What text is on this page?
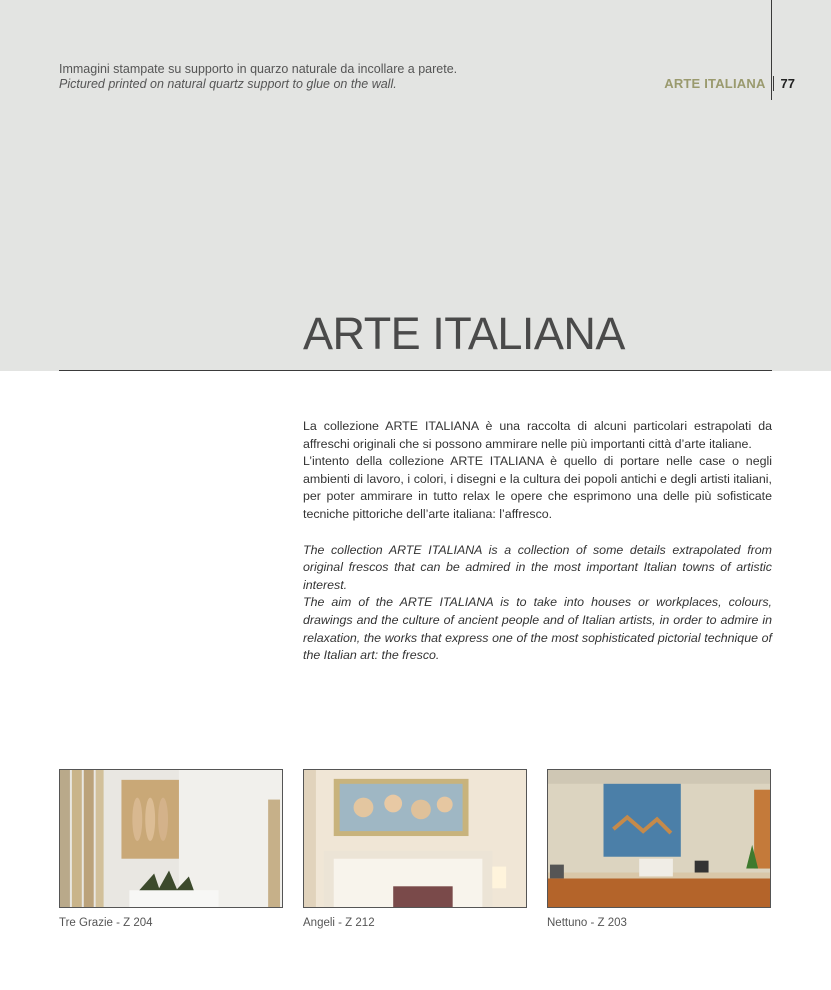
Immagini stampate su supporto in quarzo naturale da incollare a parete.
Pictured printed on natural quartz support to glue on the wall.	ARTE ITALIANA 77
ARTE ITALIANA

La collezione ARTE ITALIANA è una raccolta di alcuni particolari estrapolati da affreschi originali che si possono ammirare nelle più importanti città d’arte italiane.

L’intento della collezione ARTE ITALIANA è quello di portare nelle case o negli ambienti di lavoro, i colori, i disegni e la cultura dei popoli antichi e degli artisti italiani, per poter ammirare in tutto relax le opere che esprimono una delle più sofisticate tecniche pittoriche dell’arte italiana: l’affresco.

The collection ARTE ITALIANA is a collection of some details extrapolated from original frescos that can be admired in the most important Italian towns of artistic interest.

The aim of the ARTE ITALIANA is to take into houses or workplaces, colours, drawings and the culture of ancient people and of Italian artists, in order to admire in relaxation, the works that express one of the most sophisticated pictorial technique of the Italian art: the fresco.

Tre Grazie - Z 204	Angeli - Z 212	Nettuno - Z 203
